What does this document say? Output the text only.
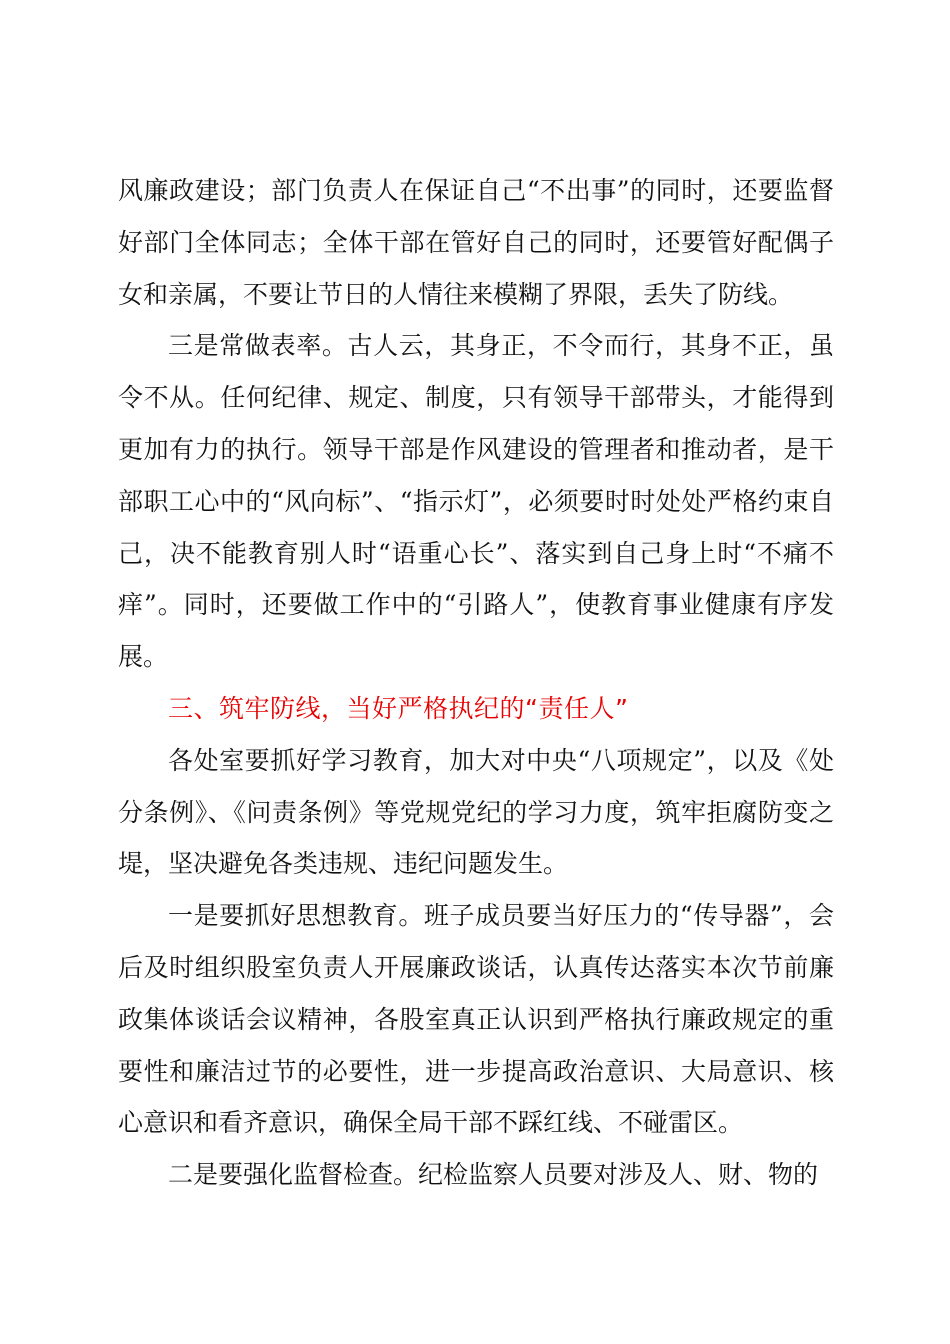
风廉政建设；部门负责人在保证自己“不出事”的同时，还要监督好部门全体同志；全体干部在管好自己的同时，还要管好配偶子女和亲属，不要让节日的人情往来模糊了界限，丢失了防线。

三是常做表率。古人云，其身正，不令而行，其身不正，虽令不从。任何纪律、规定、制度，只有领导干部带头，才能得到更加有力的执行。领导干部是作风建设的管理者和推动者，是干部职工心中的“风向标”、“指示灯”，必须要时时处处严格约束自己，决不能教育别人时“语重心长”、落实到自己身上时“不痛不痒”。同时，还要做工作中的“引路人”，使教育事业健康有序发展。

三、筑牢防线，当好严格执纪的“责任人”

各处室要抓好学习教育，加大对中央“八项规定”，以及《处分条例》、《问责条例》等党规党纪的学习力度，筑牢拒腐防变之堤，坚决避免各类违规、违纪问题发生。

一是要抓好思想教育。班子成员要当好压力的“传导器”，会后及时组织股室负责人开展廉政谈话，认真传达落实本次节前廉政集体谈话会议精神，各股室真正认识到严格执行廉政规定的重要性和廉洁过节的必要性，进一步提高政治意识、大局意识、核心意识和看齐意识，确保全局干部不踩红线、不碰雷区。

二是要强化监督检查。纪检监察人员要对涉及人、财、物的
